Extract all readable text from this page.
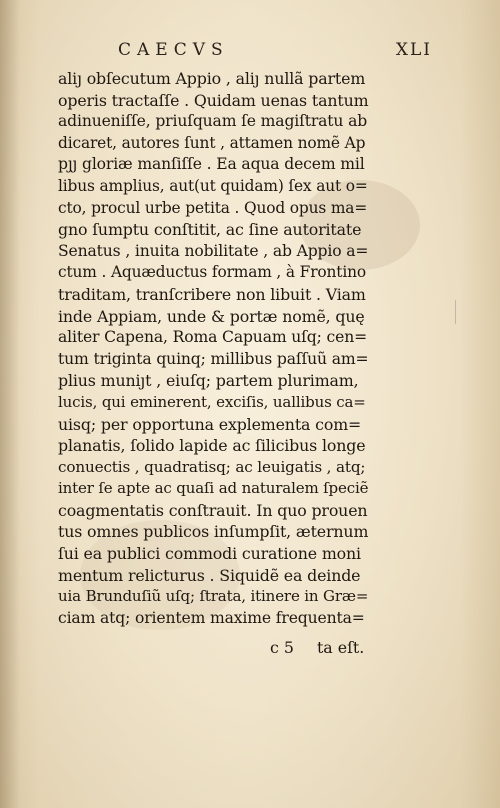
CAECVS	XLI
aliȷ obſecutum Appio , aliȷ nullã partem
operis tractaſſe . Quidam uenas tantum
adinueniſſe, priuſquam ſe magiſtratu ab
dicaret, autores ſunt , attamen nomẽ Ap
pȷȷ gloriæ manſiſſe . Ea aqua decem mil
libus amplius, aut(ut quidam) ſex aut o=
cto, procul urbe petita . Quod opus ma=
gno ſumptu conſtitit, ac ſine autoritate
Senatus , inuita nobilitate , ab Appio a=
ctum . Aquæductus formam , à Frontino
traditam, tranſcribere non libuit . Viam
inde Appiam, unde & portæ nomẽ, quę
aliter Capena, Roma Capuam uſq; cen=
tum triginta quinq; millibus paſſuũ am=
plius muniȷt , eiuſq; partem plurimam,
lucis, qui eminerent, exciſis, uallibus ca=
uisq; per opportuna explementa com=
planatis, ſolido lapide ac ſilicibus longe
conuectis , quadratisq; ac leuigatis , atq;
inter ſe apte ac quaſi ad naturalem ſpeciẽ
coagmentatis conſtrauit. In quo prouen
tus omnes publicos inſumpſit, æternum
ſui ea publici commodi curatione moni
mentum relicturus . Siquidẽ ea deinde
uia Brunduſiũ uſq; ſtrata, itinere in Græ=
ciam atq; orientem maxime frequenta=
c 5 ta eſt.
